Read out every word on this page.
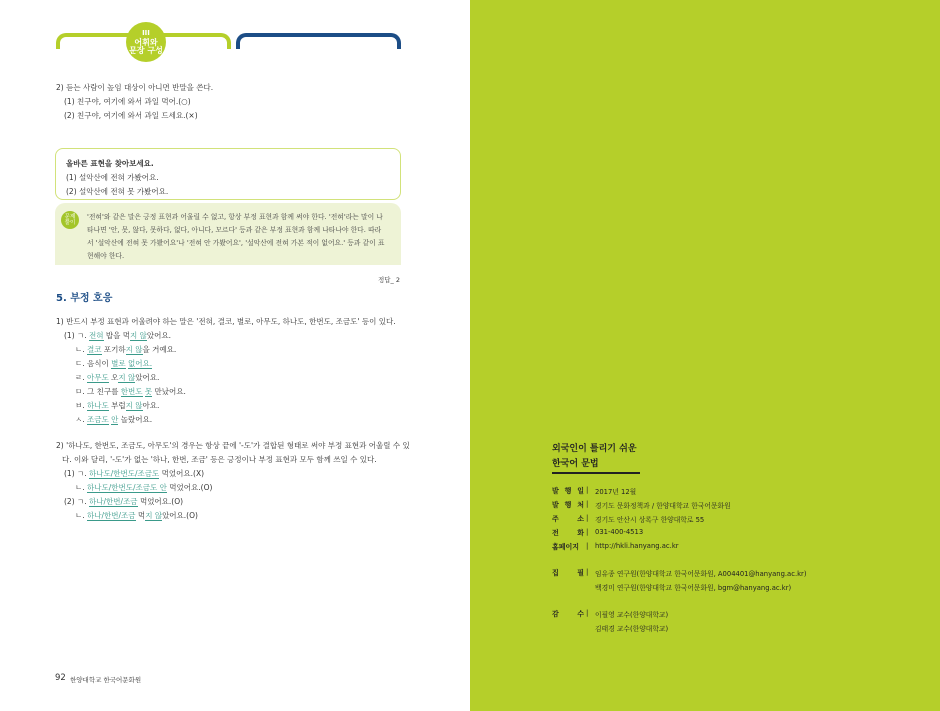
III
어휘와
문장 구성
2) 듣는 사람이 높임 대상이 아니면 반말을 쓴다.
(1) 친구야, 여기에 와서 과일 먹어.(○)
(2) 친구야, 여기에 와서 과일 드세요.(×)
올바른 표현을 찾아보세요.
(1) 설악산에 전혀 가봤어요.
(2) 설악산에 전혀 못 가봤어요.
문제
풀이
'전혀'와 같은 말은 긍정 표현과 어울릴 수 없고, 항상 부정 표현과 함께 써야 한다. '전혀'라는 말이 나
타나면 '안, 못, 않다, 못하다, 없다, 아니다, 모르다' 등과 같은 부정 표현과 함께 나타나야 한다. 따라
서 '설악산에 전혀 못 가봤어요'나 '전혀 안 가봤어요', '설악산에 전혀 가본 적이 없어요.' 등과 같이 표
현해야 한다.
정답_ 2
5. 부정 호응
1) 반드시 부정 표현과 어울려야 하는 말은 '전혀, 결코, 별로, 아무도, 하나도, 한번도, 조금도' 등이 있다.
(1) ㄱ. 전혀 밥을 먹지 않았어요.
ㄴ. 결코 포기하지 않을 거예요.
ㄷ. 음식이 별로 없어요.
ㄹ. 아무도 오지 않았어요.
ㅁ. 그 친구를 한번도 못 만났어요.
ㅂ. 하나도 부럽지 않아요.
ㅅ. 조금도 안 놀랐어요.
2) '하나도, 한번도, 조금도, 아무도'의 경우는 항상 끝에 '-도'가 결합된 형태로 써야 부정 표현과 어울릴 수 있
다. 이와 달리, '-도'가 없는 '하나, 한번, 조금' 등은 긍정이나 부정 표현과 모두 함께 쓰일 수 있다.
(1) ㄱ. 하나도/한번도/조금도 먹었어요.(X)
ㄴ. 하나도/한번도/조금도 안 먹었어요.(O)
(2) ㄱ. 하나/한번/조금 먹었어요.(O)
ㄴ. 하나/한번/조금 먹지 않았어요.(O)
92 한양대학교 한국어문화원
외국인이 틀리기 쉬운
한국어 문법
발 행 일 | 2017년 12월
발 행 처 | 경기도 문화정책과 / 한양대학교 한국어문화원
주 소 | 경기도 안산시 상록구 한양대학로 55
전 화 | 031-400-4513
홈페이지 | http://hkli.hanyang.ac.kr
집 필 | 임유종 연구원(한양대학교 한국어문화원, A004401@hanyang.ac.kr)
백경미 연구원(한양대학교 한국어문화원, bgm@hanyang.ac.kr)
감 수 | 이필영 교수(한양대학교)
김태경 교수(한양대학교)
